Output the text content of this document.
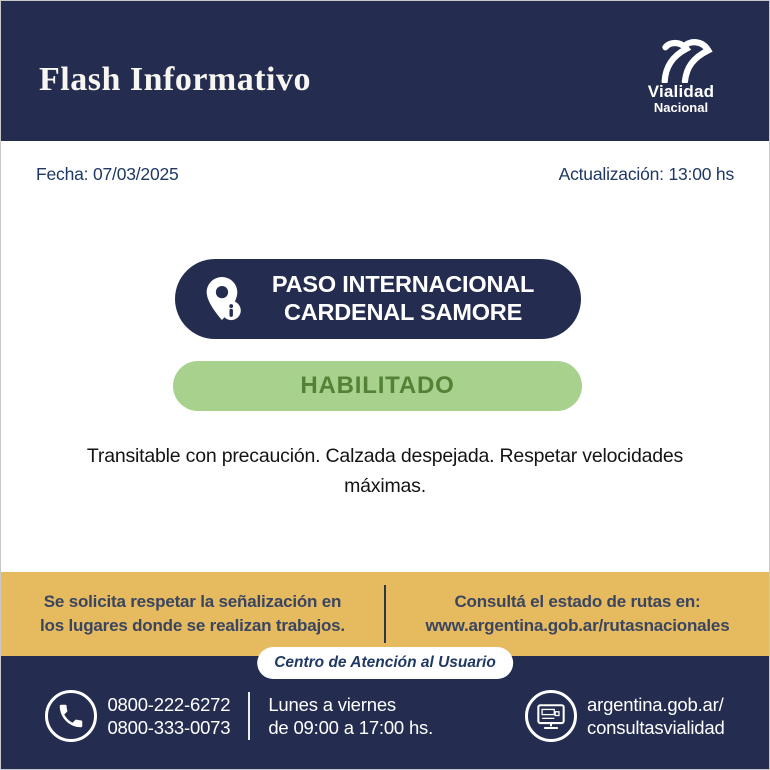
Flash Informativo	Vialidad
Nacional
Fecha: 07/03/2025	Actualización: 13:00 hs
PASO INTERNACIONAL
CARDENAL SAMORE
HABILITADO
Transitable con precaución. Calzada despejada. Respetar velocidades máximas.
Se solicita respetar la señalización en
los lugares donde se realizan trabajos.
Consultá el estado de rutas en:
www.argentina.gob.ar/rutasnacionales
Centro de Atención al Usuario
0800-222-6272
0800-333-0073
Lunes a viernes
de 09:00 a 17:00 hs.
argentina.gob.ar/
consultasvialidad
